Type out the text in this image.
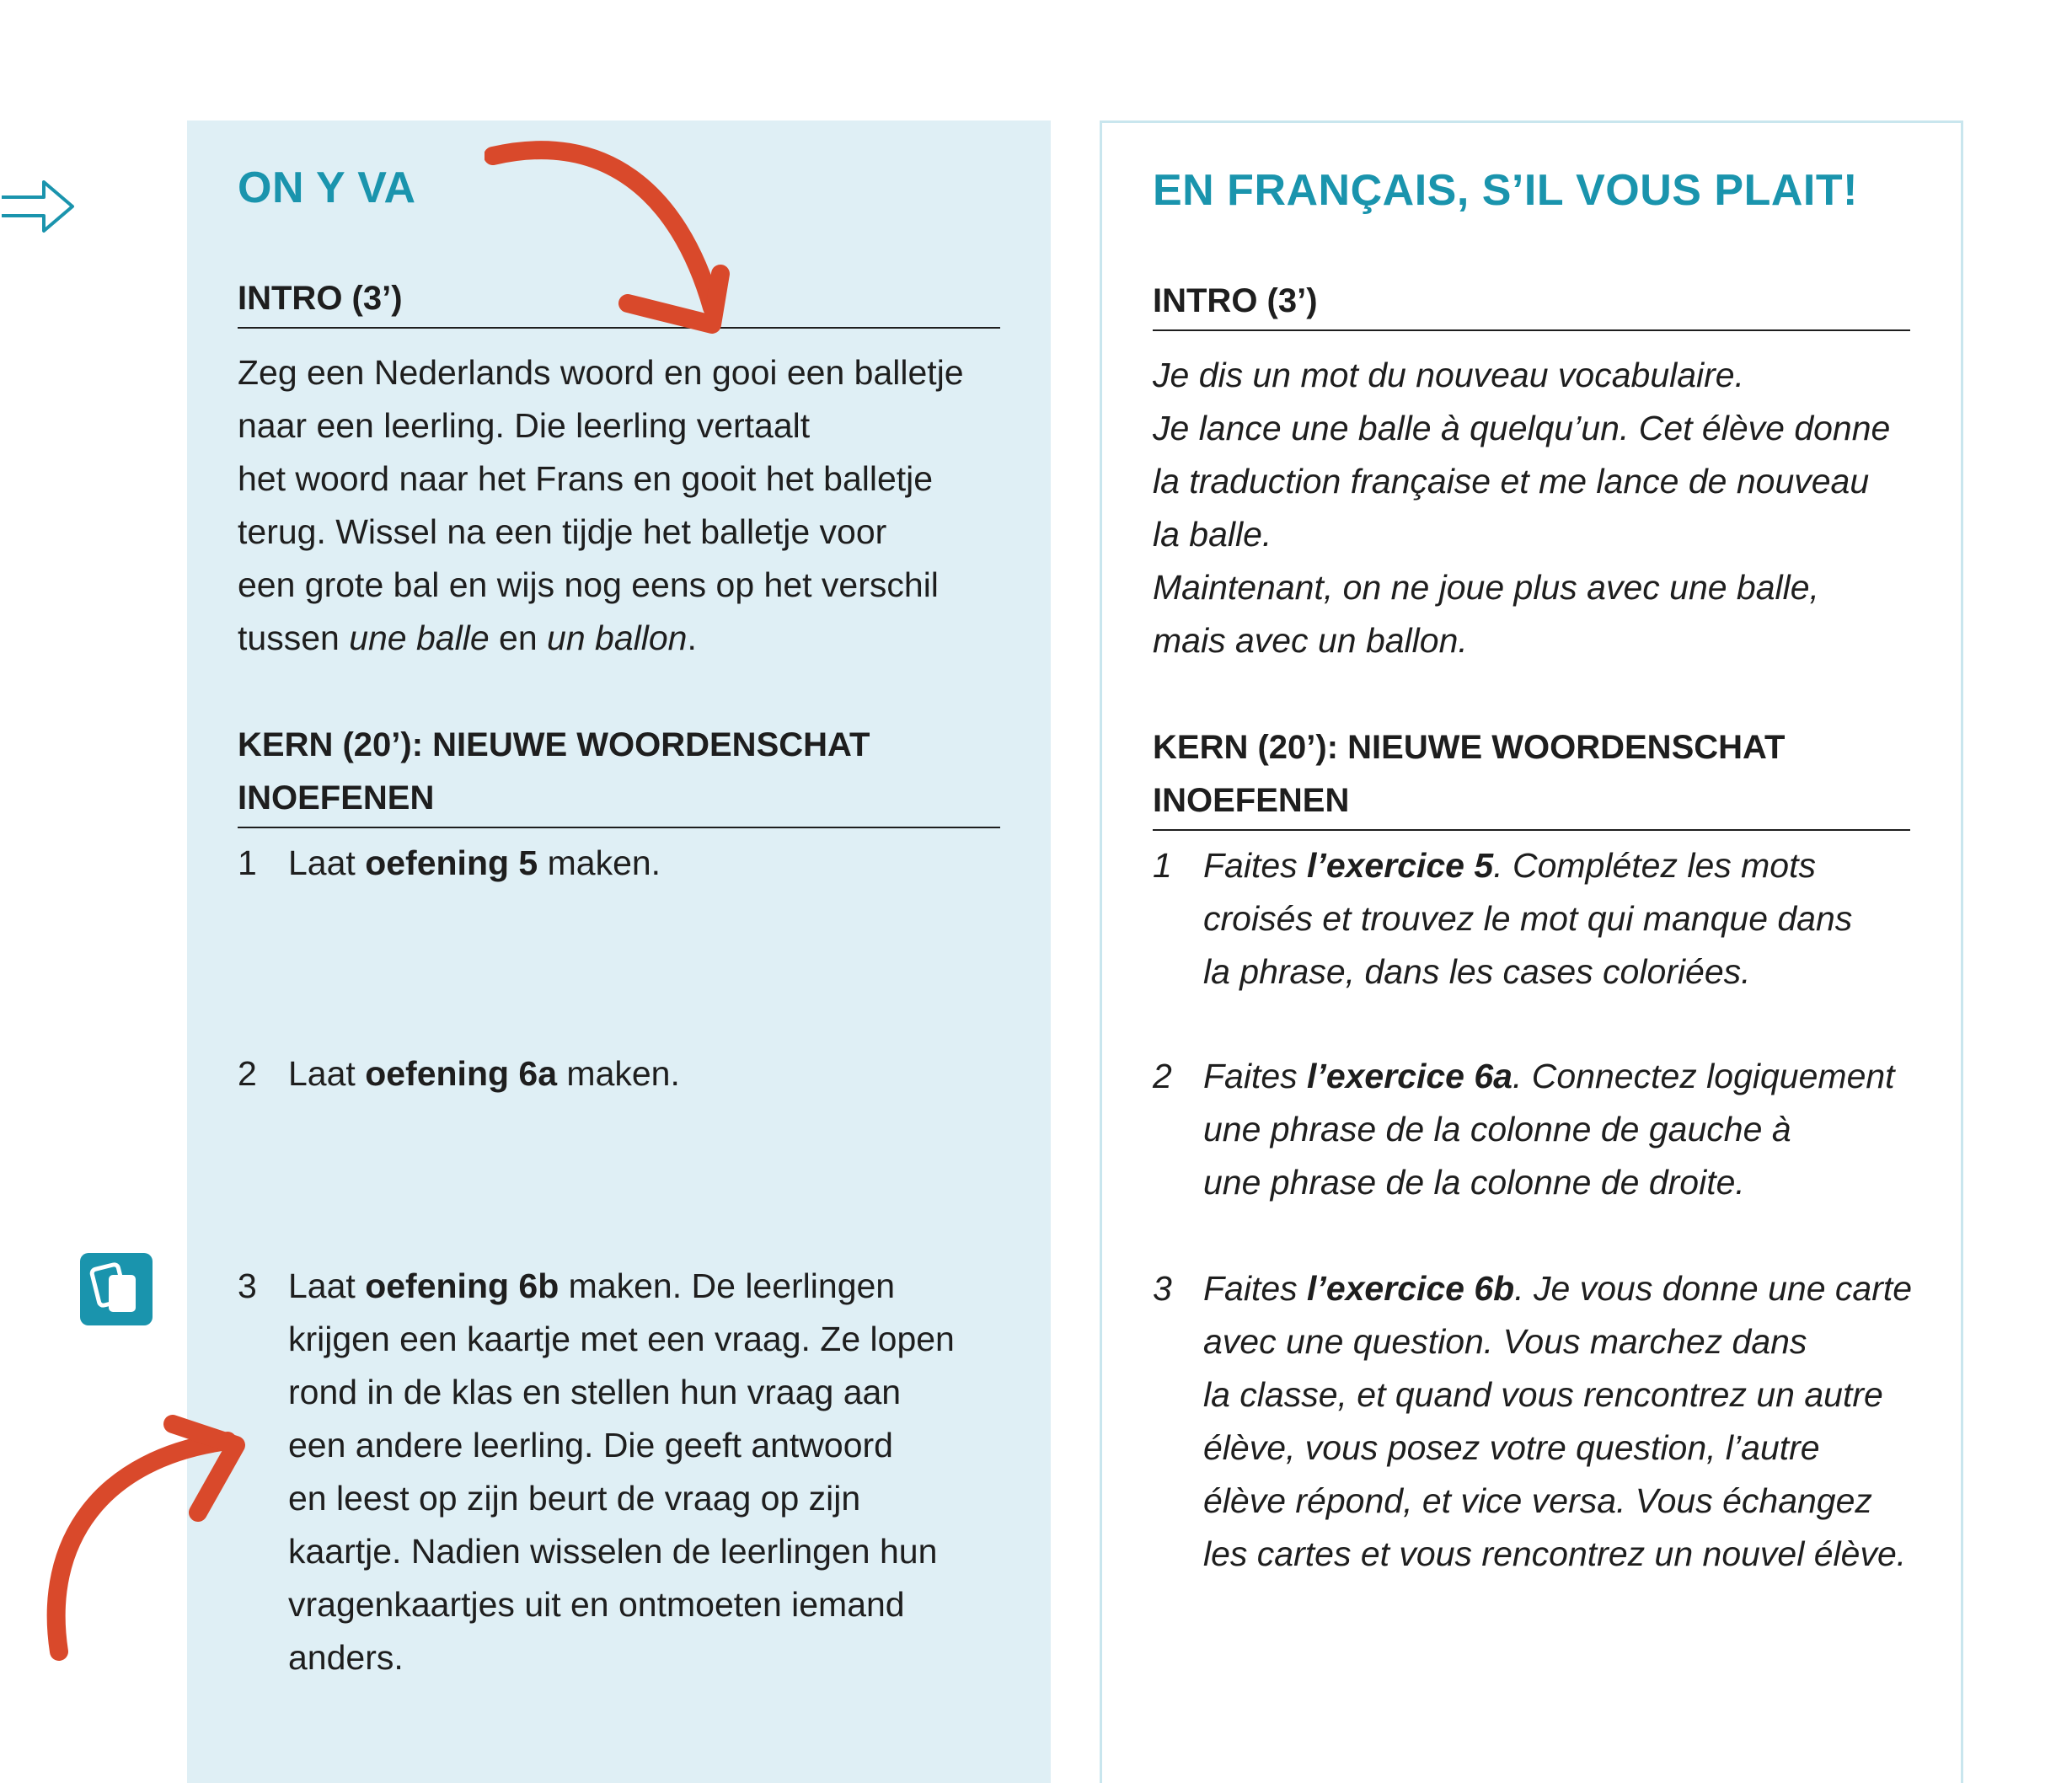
ON Y VA
INTRO (3’)

Zeg een Nederlands woord en gooi een balletje
naar een leerling. Die leerling vertaalt
het woord naar het Frans en gooit het balletje
terug. Wissel na een tijdje het balletje voor
een grote bal en wijs nog eens op het verschil
tussen une balle en un ballon.

KERN (20’): NIEUWE WOORDENSCHAT
INOEFENEN
1 Laat oefening 5 maken.
2 Laat oefening 6a maken.
3 Laat oefening 6b maken. De leerlingen
krijgen een kaartje met een vraag. Ze lopen
rond in de klas en stellen hun vraag aan
een andere leerling. Die geeft antwoord
en leest op zijn beurt de vraag op zijn
kaartje. Nadien wisselen de leerlingen hun
vragenkaartjes uit en ontmoeten iemand
anders.
EN FRANÇAIS, S’IL VOUS PLAIT!
INTRO (3’)

Je dis un mot du nouveau vocabulaire.
Je lance une balle à quelqu’un. Cet élève donne
la traduction française et me lance de nouveau
la balle.
Maintenant, on ne joue plus avec une balle,
mais avec un ballon.

KERN (20’): NIEUWE WOORDENSCHAT
INOEFENEN
1 Faites l’exercice 5. Complétez les mots
croisés et trouvez le mot qui manque dans
la phrase, dans les cases coloriées.
2 Faites l’exercice 6a. Connectez logiquement
une phrase de la colonne de gauche à
une phrase de la colonne de droite.
3 Faites l’exercice 6b. Je vous donne une carte
avec une question. Vous marchez dans
la classe, et quand vous rencontrez un autre
élève, vous posez votre question, l’autre
élève répond, et vice versa. Vous échangez
les cartes et vous rencontrez un nouvel élève.
